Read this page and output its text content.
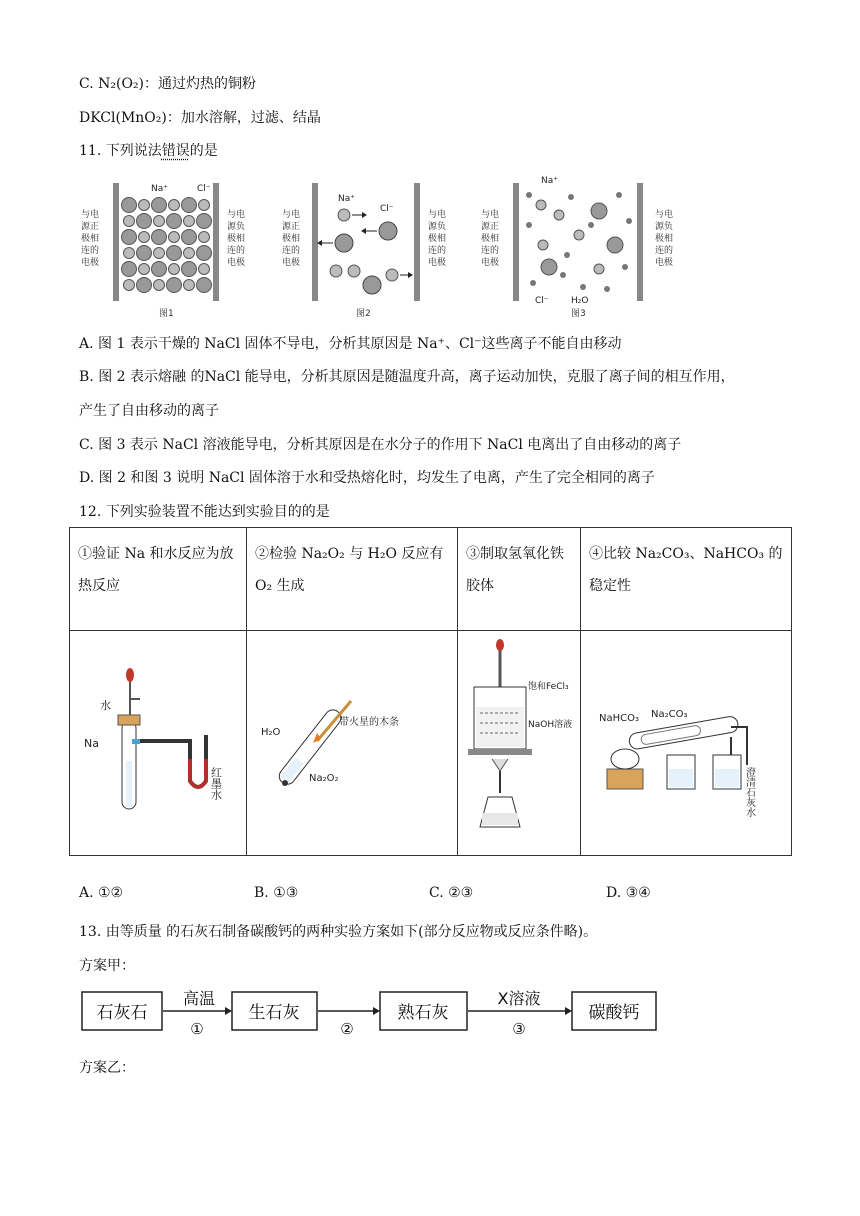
C. N₂(O₂)：通过灼热的铜粉
DKCl(MnO₂)：加水溶解，过滤、结晶
11. 下列说法错误的是
与电
源正
极相
连的
电极
Na⁺	Cl⁻
与电
源负
极相
连的
电极
图1
与电
源正
极相
连的
电极
Na⁺
Cl⁻
与电
源负
极相
连的
电极
图2
与电
源正
极相
连的
电极
Na⁺
Cl⁻ H₂O
与电
源负
极相
连的
电极
图3
A. 图 1 表示干燥的 NaCl 固体不导电，分析其原因是 Na⁺、Cl⁻这些离子不能自由移动
B. 图 2 表示熔融 的NaCl 能导电，分析其原因是随温度升高，离子运动加快，克服了离子间的相互作用，
产生了自由移动的离子
C. 图 3 表示 NaCl 溶液能导电，分析其原因是在水分子的作用下 NaCl 电离出了自由移动的离子
D. 图 2 和图 3 说明 NaCl 固体溶于水和受热熔化时，均发生了电离，产生了完全相同的离子
12. 下列实验装置不能达到实验目的的是
①验证 Na 和水反应为放热反应	②检验 Na₂O₂ 与 H₂O 反应有 O₂ 生成	③制取氢氧化铁胶体	④比较 Na₂CO₃、NaHCO₃ 的稳定性

水
Na
红墨水	H₂O
带火星的木条
Na₂O₂	饱和FeCl₃
NaOH溶液	NaHCO₃ Na₂CO₃
澄清石灰水
A. ①②	B. ①③	C. ②③	D. ③④
13. 由等质量 的石灰石制备碳酸钙的两种实验方案如下(部分反应物或反应条件略)。
方案甲：
石灰石
高温
①
生石灰
②
熟石灰
X溶液
③
碳酸钙
方案乙：
